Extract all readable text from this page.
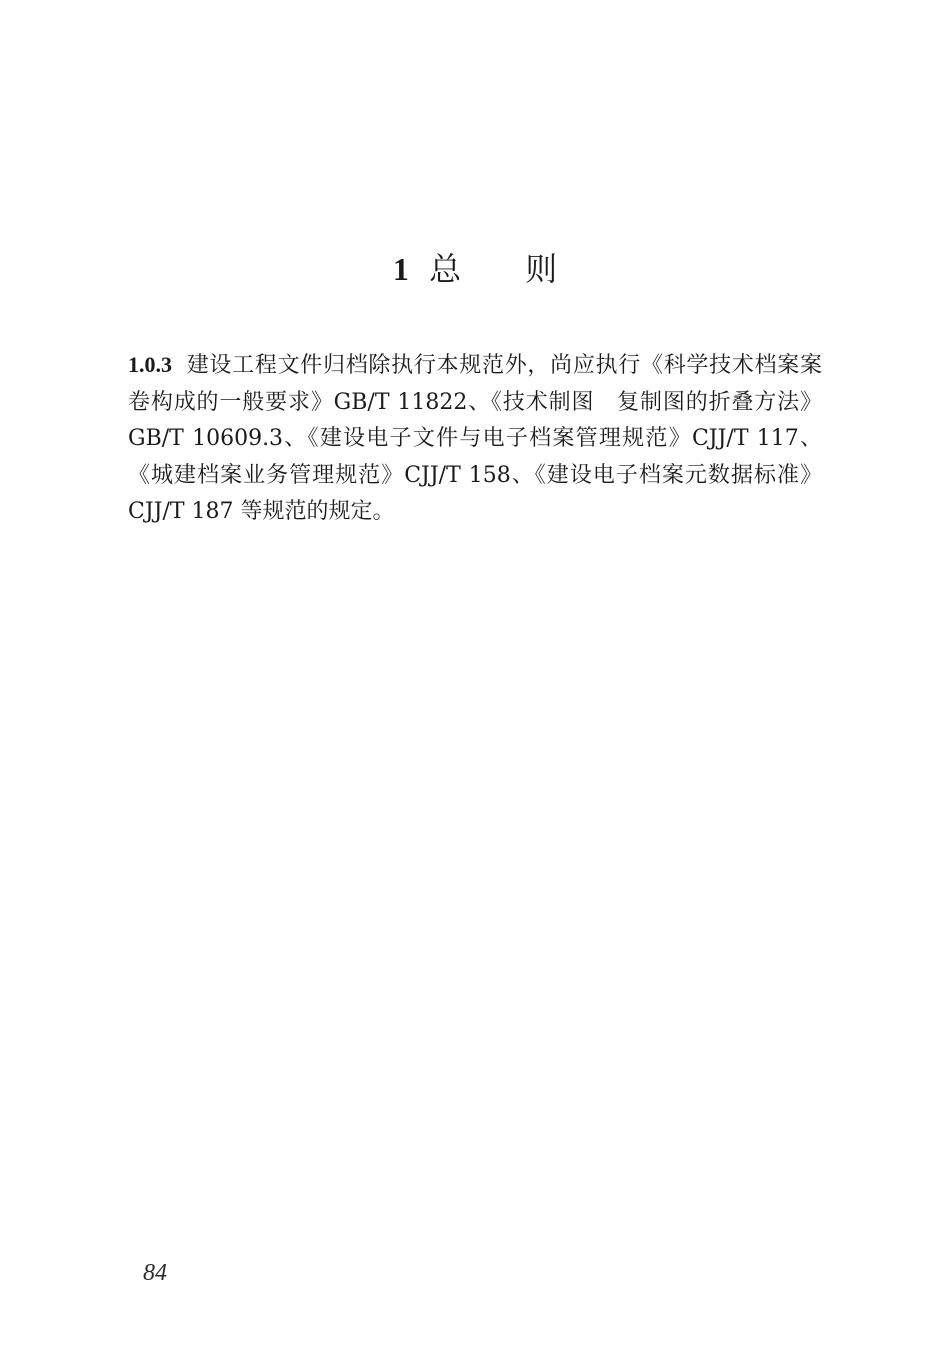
1 总　　则

1.0.3 建设工程文件归档除执行本规范外，尚应执行《科学技术档案案卷构成的一般要求》GB/T 11822、《技术制图　复制图的折叠方法》GB/T 10609.3、《建设电子文件与电子档案管理规范》CJJ/T 117、《城建档案业务管理规范》CJJ/T 158、《建设电子档案元数据标准》CJJ/T 187 等规范的规定。

84
